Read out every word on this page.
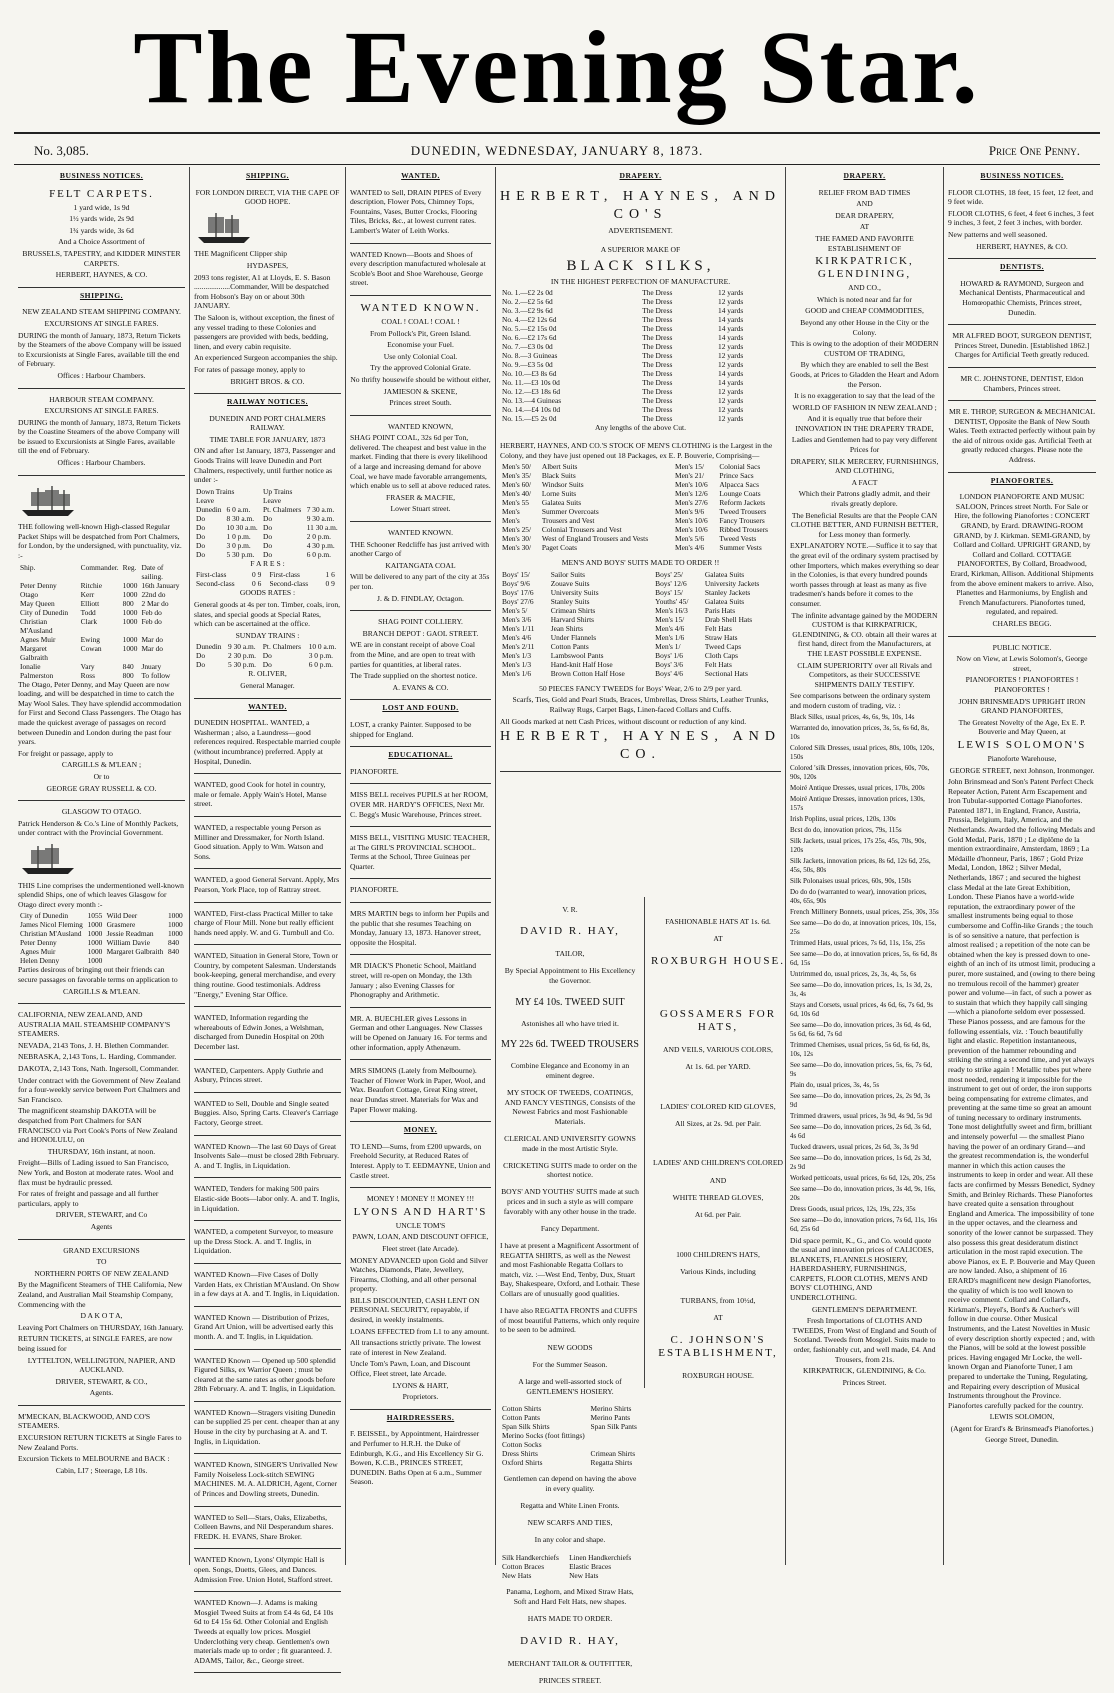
The Evening Star.
No. 3,085.	DUNEDIN, WEDNESDAY, JANUARY 8, 1873.	Price One Penny.
BUSINESS NOTICES.

FELT CARPETS.

1 yard wide, 1s 9d

1½ yards wide, 2s 9d

1¾ yards wide, 3s 6d

And a Choice Assortment of

BRUSSELS, TAPESTRY, and KIDDER MINSTER CARPETS.

HERBERT, HAYNES, & CO.

SHIPPING.

NEW ZEALAND STEAM SHIPPING COMPANY.

EXCURSIONS AT SINGLE FARES.

DURING the month of January, 1873, Return Tickets by the Steamers of the above Company will be issued to Excursionists at Single Fares, available till the end of February.

Offices : Harbour Chambers.

HARBOUR STEAM COMPANY.

EXCURSIONS AT SINGLE FARES.

DURING the month of January, 1873, Return Tickets by the Coastine Steamers of the above Company will be issued to Excursionists at Single Fares, available till the end of February.

Offices : Harbour Chambers.

THE following well-known High-classed Regular Packet Ships will be despatched from Port Chalmers, for London, by the undersigned, with punctuality, viz. :-

Ship.	Commander.	Reg.	Date of sailing.
Peter Denny	Ritchie	1000	16th January
Otago	Kerr	1000	22nd do
May Queen	Elliott	800	2 Mar do
City of Dunedin	Todd	1000	Feb do
Christian M'Ausland	Clark	1000	Feb do
Agnes Muir	Ewing	1000	Mar do
Margaret Galbraith	Cowan	1000	Mar do
Ionalie	Vary	840	Jnuary
Palmerston	Ross	800	To follow

The Otago, Peter Denny, and May Queen are now loading, and will be despatched in time to catch the May Wool Sales. They have splendid accommodation for First and Second Class Passengers. The Otago has made the quickest average of passages on record between Dunedin and London during the past four years.

For freight or passage, apply to

CARGILLS & M'LEAN ;

Or to

GEORGE GRAY RUSSELL & CO.

GLASGOW TO OTAGO.

Patrick Henderson & Co.'s Line of Monthly Packets, under contract with the Provincial Government.

THIS Line comprises the undermentioned well-known splendid Ships, one of which leaves Glasgow for Otago direct every month :-

City of Dunedin	1055	Wild Deer	1000
James Nicol Fleming	1000	Grasmere	1000
Christian M'Ausland	1000	Jessie Readman	1000
Peter Denny	1000	William Davie	840
Agnes Muir	1000	Margaret Galbraith	840
Helen Denny	1000		

Parties desirous of bringing out their friends can secure passages on favorable terms on application to

CARGILLS & M'LEAN.

CALIFORNIA, NEW ZEALAND, AND AUSTRALIA MAIL STEAMSHIP COMPANY'S STEAMERS.

NEVADA, 2143 Tons, J. H. Blethen Commander.

NEBRASKA, 2,143 Tons, L. Harding, Commander.

DAKOTA, 2,143 Tons, Nath. Ingersoll, Commander.

Under contract with the Government of New Zealand for a four-weekly service between Port Chalmers and San Francisco.

The magnificent steamship DAKOTA will be despatched from Port Chalmers for SAN FRANCISCO via Port Cook's Ports of New Zealand and HONOLULU, on

THURSDAY, 16th instant, at noon.

Freight—Bills of Lading issued to San Francisco, New York, and Boston at moderate rates. Wool and flax must be hydraulic pressed.

For rates of freight and passage and all further particulars, apply to

DRIVER, STEWART, and Co

Agents

GRAND EXCURSIONS

TO

NORTHERN PORTS OF NEW ZEALAND

By the Magnificent Steamers of THE California, New Zealand, and Australian Mail Steamship Company, Commencing with the

D A K O T A,

Leaving Port Chalmers on THURSDAY, 16th January.

RETURN TICKETS, at SINGLE FARES, are now being issued for

LYTTELTON, WELLINGTON, NAPIER, AND AUCKLAND.

DRIVER, STEWART, & CO.,

Agents.

M'MECKAN, BLACKWOOD, AND CO'S STEAMERS.

EXCURSION RETURN TICKETS at Single Fares to New Zealand Ports.

Excursion Tickets to MELBOURNE and BACK :

Cabin, LI7 ; Steerage, L8 10s.

SHIPPING.

FOR LONDON DIRECT, VIA THE CAPE OF GOOD HOPE.

THE Magnificent Clipper ship

HYDASPES,

2093 tons register, A1 at Lloyds, E. S. Bason ...................Commander, Will be despatched from Hobson's Bay on or about 30th JANUARY.

The Saloon is, without exception, the finest of any vessel trading to these Colonies and passengers are provided with beds, bedding, linen, and every cabin requisite.

An experienced Surgeon accompanies the ship.

For rates of passage money, apply to

BRIGHT BROS. & CO.

RAILWAY NOTICES.

DUNEDIN AND PORT CHALMERS RAILWAY.

TIME TABLE FOR JANUARY, 1873

ON and after 1st January, 1873, Passenger and Goods Trains will leave Dunedin and Port Chalmers, respectively, until further notice as under :-

Down Trains		Up Trains	
Leave		Leave	
Dunedin	6 0 a.m.	Pt. Chalmers	7 30 a.m.
Do	8 30 a.m.	Do	9 30 a.m.
Do	10 30 a.m.	Do	11 30 a.m.
Do	1 0 p.m.	Do	2 0 p.m.
Do	3 0 p.m.	Do	4 30 p.m.
Do	5 30 p.m.	Do	6 0 p.m.

F A R E S :

First-class	0 9	First-class	1 6
Second-class	0 6	Second-class	0 9

GOODS RATES :

General goods at 4s per ton. Timber, coals, iron, slates, and special goods at Special Rates, which can be ascertained at the office.

SUNDAY TRAINS :

Dunedin	9 30 a.m.	Pt. Chalmers	10 0 a.m.
Do	2 30 p.m.	Do	3 0 p.m.
Do	5 30 p.m.	Do	6 0 p.m.

R. OLIVER,

General Manager.

WANTED.

DUNEDIN HOSPITAL. WANTED, a Washerman ; also, a Laundress—good references required. Respectable married couple (without incumbrance) preferred. Apply at Hospital, Dunedin.

WANTED, good Cook for hotel in country, male or female. Apply Wain's Hotel, Manse street.

WANTED, a respectable young Person as Milliner and Dressmaker, for North Island. Good situation. Apply to Wm. Watson and Sons.

WANTED, a good General Servant. Apply, Mrs Pearson, York Place, top of Rattray street.

WANTED, First-class Practical Miller to take charge of Flour Mill. None but really efficient hands need apply. W. and G. Turnbull and Co.

WANTED, Situation in General Store, Town or Country, by competent Salesman. Understands book-keeping, general merchandise, and every thing routine. Good testimonials. Address "Energy," Evening Star Office.

WANTED, Information regarding the whereabouts of Edwin Jones, a Welshman, discharged from Dunedin Hospital on 20th December last.

WANTED, Carpenters. Apply Guthrie and Asbury, Princes street.

WANTED to Sell, Double and Single seated Buggies. Also, Spring Carts. Cleaver's Carriage Factory, George street.

WANTED Known—The last 60 Days of Great Insolvents Sale—must be closed 28th February. A. and T. Inglis, in Liquidation.

WANTED, Tenders for making 500 pairs Elastic-side Boots—labor only. A. and T. Inglis, in Liquidation.

WANTED, a competent Surveyor, to measure up the Dress Stock. A. and T. Inglis, in Liquidation.

WANTED Known—Five Cases of Dolly Varden Hats, ex Christian M'Ausland. On Show in a few days at A. and T. Inglis, in Liquidation.

WANTED Known — Distribution of Prizes, Grand Art Union, will be advertised early this month. A. and T. Inglis, in Liquidation.

WANTED Known — Opened up 500 splendid Figured Silks, ex Warrior Queen ; must be cleared at the same rates as other goods before 28th February. A. and T. Inglis, in Liquidation.

WANTED Known—Stragers visiting Dunedin can be supplied 25 per cent. cheaper than at any House in the city by purchasing at A. and T. Inglis, in Liquidation.

WANTED Known, SINGER'S Unrivalled New Family Noiseless Lock-stitch SEWING MACHINES. M. A. ALDRICH, Agent, Corner of Princes and Dowling streets, Dunedin.

WANTED to Sell—Stars, Oaks, Elizabeths, Colleen Bawns, and Nil Desperandum shares. FREDK. H. EVANS, Share Broker.

WANTED Known, Lyons' Olympic Hall is open. Songs, Duetts, Glees, and Dances. Admission Free. Union Hotel, Stafford street.

WANTED Known—J. Adams is making Mosgiel Tweed Suits at from £4 4s 6d, £4 10s 6d to £4 15s 6d. Other Colonial and English Tweeds at equally low prices. Mosgiel Underclothing very cheap. Gentlemen's own materials made up to order ; fit guaranteed. J. ADAMS, Tailor, &c., George street.

WANTED.

WANTED to Sell, DRAIN PIPES of Every description, Flower Pots, Chimney Tops, Fountains, Vases, Butter Crocks, Flooring Tiles, Bricks, &c., at lowest current rates. Lambert's Water of Leith Works.

WANTED Known—Boots and Shoes of every description manufactured wholesale at Scoble's Boot and Shoe Warehouse, George street.

WANTED KNOWN.

COAL ! COAL ! COAL !

From Pollock's Pit, Green Island.

Economise your Fuel.

Use only Colonial Coal.

Try the approved Colonial Grate.

No thrifty housewife should be without either,

JAMIESON & SKENE,

Princes street South.

WANTED KNOWN,

SHAG POINT COAL, 32s 6d per Ton, delivered. The cheapest and best value in the market. Finding that there is every likelihood of a large and increasing demand for above Coal, we have made favorable arrangements, which enable us to sell at above reduced rates.

FRASER & MACFIE,

Lower Stuart street.

WANTED KNOWN.

THE Schooner Redcliffe has just arrived with another Cargo of

KAITANGATA COAL

Will be delivered to any part of the city at 35s per ton.

J. & D. FINDLAY, Octagon.

SHAG POINT COLLIERY.

BRANCH DEPOT : GAOL STREET.

WE are in constant receipt of above Coal from the Mine, and are open to treat with parties for quantities, at liberal rates.

The Trade supplied on the shortest notice.

A. EVANS & CO.

LOST AND FOUND.

LOST, a cranky Painter. Supposed to be shipped for England.

EDUCATIONAL.

PIANOFORTE.

MISS BELL receives PUPILS at her ROOM, OVER MR. HARDY'S OFFICES, Next Mr. C. Begg's Music Warehouse, Princes street.

MISS BELL, VISITING MUSIC TEACHER, at The GIRL'S PROVINCIAL SCHOOL. Terms at the School, Three Guineas per Quarter.

PIANOFORTE.

MRS MARTIN begs to inform her Pupils and the public that she resumes Teaching on Monday, January 13, 1873. Hanover street, opposite the Hospital.

MR DIACK'S Phonetic School, Maitland street, will re-open on Monday, the 13th January ; also Evening Classes for Phonography and Arithmetic.

MR. A. BUECHLER gives Lessons in German and other Languages. New Classes will be Opened on January 16. For terms and other information, apply Athenæum.

MRS SIMONS (Lately from Melbourne). Teacher of Flower Work in Paper, Wool, and Wax. Beaufort Cottage, Great King street, near Dundas street. Materials for Wax and Paper Flower making.

MONEY.

TO LEND—Sums, from £200 upwards, on Freehold Security, at Reduced Rates of Interest. Apply to T. EEDMAYNE, Union and Castle street.

MONEY ! MONEY !! MONEY !!!

LYONS AND HART'S

UNCLE TOM'S

PAWN, LOAN, AND DISCOUNT OFFICE,

Fleet street (late Arcade).

MONEY ADVANCED upon Gold and Silver Watches, Diamonds, Plate, Jewellery, Firearms, Clothing, and all other personal property.

BILLS DISCOUNTED, CASH LENT ON PERSONAL SECURITY, repayable, if desired, in weekly instalments.

LOANS EFFECTED from L1 to any amount.

All transactions strictly private. The lowest rate of interest in New Zealand.

Uncle Tom's Pawn, Loan, and Discount Office, Fleet street, late Arcade.

LYONS & HART,

Proprietors.

HAIRDRESSERS.

F. BEISSEL, by Appointment, Hairdresser and Perfumer to H.R.H. the Duke of Edinburgh, K.G., and His Excellency Sir G. Bowen, K.C.B., PRINCES STREET, DUNEDIN. Baths Open at 6 a.m., Summer Season.

DRAPERY.

HERBERT, HAYNES, AND CO'S

ADVERTISEMENT.

A SUPERIOR MAKE OF

BLACK SILKS,

IN THE HIGHEST PERFECTION OF MANUFACTURE.

No. 1.—£2 2s 0d	The Dress	12 yards
No. 2.—£2 5s 6d	The Dress	12 yards
No. 3.—£2 9s 6d	The Dress	14 yards
No. 4.—£2 12s 6d	The Dress	14 yards
No. 5.—£2 15s 0d	The Dress	14 yards
No. 6.—£2 17s 6d	The Dress	14 yards
No. 7.—£3 0s 0d	The Dress	12 yards
No. 8.—3 Guineas	The Dress	12 yards
No. 9.—£3 5s 0d	The Dress	12 yards
No. 10.—£3 8s 6d	The Dress	14 yards
No. 11.—£3 10s 0d	The Dress	14 yards
No. 12.—£3 18s 6d	The Dress	12 yards
No. 13.—4 Guineas	The Dress	12 yards
No. 14.—£4 10s 0d	The Dress	12 yards
No. 15.—£5 2s 0d	The Dress	12 yards

Any lengths of the above Cut.

HERBERT, HAYNES, AND CO.'S STOCK OF MEN'S CLOTHING is the Largest in the Colony, and they have just opened out 18 Packages, ex E. P. Bouverie, Comprising—

Men's 50/	Albert Suits	Men's 15/	Colonial Sacs
Men's 35/	Black Suits	Men's 21/	Prince Sacs
Men's 60/	Windsor Suits	Men's 10/6	Alpacca Sacs
Men's 40/	Lorne Suits	Men's 12/6	Lounge Coats
Men's 55	Galatea Suits	Men's 27/6	Reform Jackets
Men's	Summer Overcoats	Men's 9/6	Tweed Trousers
Men's	Trousers and Vest	Men's 10/6	Fancy Trousers
Men's 25/	Colonial Trousers and Vest	Men's 10/6	Ribbed Trousers
Men's 30/	West of England Trousers and Vests	Men's 5/6	Tweed Vests
Men's 30/	Paget Coats	Men's 4/6	Summer Vests

MEN'S AND BOYS' SUITS MADE TO ORDER !!

Boys' 15/	Sailor Suits	Boys' 25/	Galatea Suits
Boys' 9/6	Zouave Suits	Boys' 12/6	University Jackets
Boys' 17/6	University Suits	Boys' 15/	Stanley Jackets
Boys' 27/6	Stanley Suits	Youths' 45/	Galatea Suits
Men's 5/	Crimean Shirts	Men's 16/3	Paris Hats
Men's 3/6	Harvard Shirts	Men's 15/	Drab Shell Hats
Men's 1/11	Jean Shirts	Men's 4/6	Felt Hats
Men's 4/6	Under Flannels	Men's 1/6	Straw Hats
Men's 2/11	Cotton Pants	Men's 1/	Tweed Caps
Men's 1/3	Lambswool Pants	Boys' 1/6	Cloth Caps
Men's 1/3	Hand-knit Half Hose	Boys' 3/6	Felt Hats
Men's 1/6	Brown Cotton Half Hose	Boys' 4/6	Sectional Hats

50 PIECES FANCY TWEEDS for Boys' Wear, 2/6 to 2/9 per yard.

Scarfs, Ties, Gold and Pearl Studs, Braces, Umbrellas, Dress Shirts, Leather Trunks, Railway Rugs, Carpet Bags, Linen-faced Collars and Cuffs.

All Goods marked at nett Cash Prices, without discount or reduction of any kind.

HERBERT, HAYNES, AND CO.

V. R.

DAVID R. HAY,

TAILOR,

By Special Appointment to His Excellency the Governor.

MY £4 10s. TWEED SUIT

Astonishes all who have tried it.

MY 22s 6d. TWEED TROUSERS

Combine Elegance and Economy in an eminent degree.

MY STOCK OF TWEEDS, COATINGS, AND FANCY VESTINGS, Consists of the Newest Fabrics and most Fashionable Materials.

CLERICAL AND UNIVERSITY GOWNS made in the most Artistic Style.

CRICKETING SUITS made to order on the shortest notice.

BOYS' AND YOUTHS' SUITS made at such prices and in such a style as will compare favorably with any other house in the trade.

Fancy Department.

I have at present a Magnificent Assortment of REGATTA SHIRTS, as well as the Newest and most Fashionable Regatta Collars to match, viz. :—West End, Tenby, Dux, Stuart Bay, Shakespeare, Oxford, and Lothair. These Collars are of unusually good qualities.

I have also REGATTA FRONTS and CUFFS of most beautiful Patterns, which only require to be seen to be admired.

NEW GOODS

For the Summer Season.

A large and well-assorted stock of GENTLEMEN'S HOSIERY.

Cotton Shirts	Merino Shirts
Cotton Pants	Merino Pants
Span Silk Shirts	Span Silk Pants
Merino Socks (foot fittings)	
Cotton Socks	
Dress Shirts	Crimean Shirts
Oxford Shirts	Regatta Shirts

Gentlemen can depend on having the above in every quality.

Regatta and White Linen Fronts.

NEW SCARFS AND TIES,

In any color and shape.

Silk Handkerchiefs	Linen Handkerchiefs
Cotton Braces	Elastic Braces
New Hats	New Hats

Panama, Leghorn, and Mixed Straw Hats, Soft and Hard Felt Hats, new shapes.

HATS MADE TO ORDER.

DAVID R. HAY,

MERCHANT TAILOR & OUTFITTER,

PRINCES STREET.

FASHIONABLE HATS AT 1s. 6d.

AT

ROXBURGH HOUSE.

GOSSAMERS FOR HATS,

AND VEILS, VARIOUS COLORS,

At 1s. 6d. per YARD.

LADIES' COLORED KID GLOVES,

All Sizes, at 2s. 9d. per Pair.

LADIES' AND CHILDREN'S COLORED

AND

WHITE THREAD GLOVES,

At 6d. per Pair.

1000 CHILDREN'S HATS,

Various Kinds, including

TURBANS, from 10½d,

AT

C. JOHNSON'S ESTABLISHMENT,

ROXBURGH HOUSE.

DRAPERY.

RELIEF FROM BAD TIMES

AND

DEAR DRAPERY,

AT

THE FAMED AND FAVORITE ESTABLISHMENT OF

KIRKPATRICK, GLENDINING,

AND CO.,

Which is noted near and far for

GOOD and CHEAP COMMODITIES,

Beyond any other House in the City or the Colony.

This is owing to the adoption of their MODERN CUSTOM OF TRADING,

By which they are enabled to sell the Best Goods, at Prices to Gladden the Heart and Adorn the Person.

It is no exaggeration to say that the lead of the

WORLD OF FASHION IN NEW ZEALAND ;

And it is equally true that before their INNOVATION IN THE DRAPERY TRADE,

Ladies and Gentlemen had to pay very different Prices for

DRAPERY, SILK MERCERY, FURNISHINGS, AND CLOTHING,

A FACT

Which their Patrons gladly admit, and their rivals greatly deplore.

The Beneficial Results are that the People CAN CLOTHE BETTER, AND FURNISH BETTER, for Less money than formerly.

EXPLANATORY NOTE.—Suffice it to say that the great evil of the ordinary system practised by other Importers, which makes everything so dear in the Colonies, is that every hundred pounds worth passes through at least as many as five tradesmen's hands before it comes to the consumer.

The infinite advantage gained by the MODERN CUSTOM is that KIRKPATRICK, GLENDINING, & CO. obtain all their wares at first hand, direct from the Manufacturers, at THE LEAST POSSIBLE EXPENSE.

CLAIM SUPERIORITY over all Rivals and Competitors, as their SUCCESSIVE SHIPMENTS DAILY TESTIFY.

See comparisons between the ordinary system and modern custom of trading, viz. :

Black Silks, usual prices, 4s, 6s, 9s, 10s, 14s

Warranted do, innovation prices, 3s, 5s, 6s 6d, 8s, 10s

Colored Silk Dresses, usual prices, 80s, 100s, 120s, 150s

Colored 'silk Dresses, innovation prices, 60s, 70s, 90s, 120s

Moiré Antique Dresses, usual prices, 170s, 200s

Moiré Antique Dresses, innovation prices, 130s, 157s

Irish Poplins, usual prices, 120s, 130s

Bcst do do, innovation prices, 79s, 115s

Silk Jackets, usual prices, 17s 25s, 45s, 70s, 90s, 120s

Silk Jackets, innovation prices, 8s 6d, 12s 6d, 25s, 45s, 50s, 80s

Silk Polonaises usual prices, 60s, 90s, 150s

Do do do (warranted to wear), innovation prices, 40s, 65s, 90s

French Millinery Bonnets, usual prices, 25s, 30s, 35s

See same—Do do do, at innovation prices, 10s, 15s, 25s

Trimmed Hats, usual prices, 7s 6d, 11s, 15s, 25s

See same—Do do, at innovation prices, 5s, 6s 6d, 8s 6d, 15s

Untrimmed do, usual prices, 2s, 3s, 4s, 5s, 6s

See same—Do do, innovation prices, 1s, 1s 3d, 2s, 3s, 4s

Stays and Corsets, usual prices, 4s 6d, 6s, 7s 6d, 9s 6d, 10s 6d

See same—Do do, innovation prices, 3s 6d, 4s 6d, 5s 6d, 6s 6d, 7s 6d

Trimmed Chemises, usual prices, 5s 6d, 6s 6d, 8s, 10s, 12s

See same—Do do, innovation prices, 5s, 6s, 7s 6d, 9s

Plain do, usual prices, 3s, 4s, 5s

See same—Do do, innovation prices, 2s, 2s 9d, 3s 9d

Trimmed drawers, usual prices, 3s 9d, 4s 9d, 5s 9d

See same—Do do, innovation prices, 2s 6d, 3s 6d, 4s 6d

Tucked drawers, usual prices, 2s 6d, 3s, 3s 9d

See same—Do do, innovation prices, 1s 6d, 2s 3d, 2s 9d

Worked petticoats, usual prices, 6s 6d, 12s, 20s, 25s

See same—Do do, innovation prices, 3s 4d, 9s, 16s, 20s

Dress Goods, usual prices, 12s, 19s, 22s, 35s

See same—Do do, innovation prices, 7s 6d, 11s, 16s 6d, 25s 6d

Did space permit, K., G., and Co. would quote the usual and innovation prices of CALICOES, BLANKETS, FLANNELS HOSIERY, HABERDASHERY, FURNISHINGS, CARPETS, FLOOR CLOTHS, MEN'S AND BOYS' CLOTHING, AND UNDERCLOTHING.

GENTLEMEN'S DEPARTMENT.

Fresh Importations of CLOTHS AND TWEEDS, From West of England and South of Scotland. Tweeds from Mosgiel. Suits made to order, fashionably cut, and well made, £4. And Trousers, from 21s.

KIRKPATRICK, GLENDINING, & Co.

Princes Street.

BUSINESS NOTICES.

FLOOR CLOTHS, 18 feet, 15 feet, 12 feet, and 9 feet wide.

FLOOR CLOTHS, 6 feet, 4 feet 6 inches, 3 feet 9 inches, 3 feet, 2 feet 3 inches, with border.

New patterns and well seasoned.

HERBERT, HAYNES, & CO.

DENTISTS.

HOWARD & RAYMOND, Surgeon and Mechanical Dentists, Pharmaceutical and Homœopathic Chemists, Princes street, Dunedin.

MR ALFRED BOOT, SURGEON DENTIST, Princes Street, Dunedin. [Established 1862.] Charges for Artificial Teeth greatly reduced.

MR C. JOHNSTONE, DENTIST, Eldon Chambers, Princes street.

MR E. THROP, SURGEON & MECHANICAL DENTIST, Opposite the Bank of New South Wales. Teeth extracted perfectly without pain by the aid of nitrous oxide gas. Artificial Teeth at greatly reduced charges. Please note the Address.

PIANOFORTES.

LONDON PIANOFORTE AND MUSIC SALOON, Princes street North. For Sale or Hire, the following Pianofortes : CONCERT GRAND, by Erard. DRAWING-ROOM GRAND, by J. Kirkman. SEMI-GRAND, by Collard and Collard. UPRIGHT GRAND, by Collard and Collard. COTTAGE PIANOFORTES, By Collard, Broadwood, Erard, Kirkman, Allison. Additional Shipments from the above eminent makers to arrive. Also, Planettes and Harmoniums, by English and French Manufacturers. Pianofortes tuned, regulated, and repaired.

CHARLES BEGG.

PUBLIC NOTICE.

Now on View, at Lewis Solomon's, George street,

PIANOFORTES ! PIANOFORTES ! PIANOFORTES !

JOHN BRINSMEAD'S UPRIGHT IRON GRAND PIANOFORTES,

The Greatest Novelty of the Age, Ex E. P. Bouverie and May Queen, at

LEWIS SOLOMON'S

Pianoforte Warehouse,

GEORGE STREET, next Johnson, Ironmonger.

John Brinsmead and Son's Patent Perfect Check Repeater Action, Patent Arm Escapement and Iron Tubular-supported Cottage Pianofortes. Patented 1871, in England, France, Austria, Prussia, Belgium, Italy, America, and the Netherlands. Awarded the following Medals and Gold Medal, Paris, 1870 ; Le diplôme de la mention extraordinaire, Amsterdam, 1869 ; La Médaille d'honneur, Paris, 1867 ; Gold Prize Medal, London, 1862 ; Silver Medal, Netherlands, 1867 ; and secured the highest class Medal at the late Great Exhibition, London. These Pianos have a world-wide reputation, the extraordinary power of the smallest instruments being equal to those cumbersome and Coffin-like Grands ; the touch is of so sensitive a nature, that perfection is almost realised ; a repetition of the note can be obtained when the key is pressed down to one-eighth of an inch of its utmost limit, producing a purer, more sustained, and (owing to there being no tremulous recoil of the hammer) greater power and volume—in fact, of such a power as to sustain that which they happily call singing —which a pianoforte seldom ever possessed. These Pianos possess, and are famous for the following essentials, viz. : Touch beautifully light and elastic. Repetition instantaneous, prevention of the hammer rebounding and striking the string a second time, and yet always ready to strike again ! Metallic tubes put where most needed, rendering it impossible for the instrument to get out of order, the iron supports being compensating for extreme climates, and preventing at the same time so great an amount of tuning necessary to ordinary instruments. Tone most delightfully sweet and firm, brilliant and intensely powerful — the smallest Piano having the power of an ordinary Grand—and the greatest recommendation is, the wonderful manner in which this action causes the instruments to keep in order and wear. All these facts are confirmed by Messrs Benedict, Sydney Smith, and Brinley Richards. These Pianofortes have created quite a sensation throughout England and America. The impossibility of tone in the upper octaves, and the clearness and sonority of the lower cannot be surpassed. They also possess this great desideratum distinct articulation in the most rapid execution. The above Pianos, ex E. P. Bouverie and May Queen are now landed. Also, a shipment of 16 ERARD's magnificent new design Pianofortes, the quality of which is too well known to receive comment. Collard and Collard's, Kirkman's, Pleyel's, Bord's & Aucher's will follow in due course. Other Musical Instruments, and the Latest Novelties in Music of every description shortly expected ; and, with the Pianos, will be sold at the lowest possible prices. Having engaged Mr Locke, the well-known Organ and Pianoforte Tuner, I am prepared to undertake the Tuning, Regulating, and Repairing every description of Musical Instruments throughout the Province. Pianofortes carefully packed for the country.

LEWIS SOLOMON,

(Agent for Erard's & Brinsmead's Pianofortes.)

George Street, Dunedin.
